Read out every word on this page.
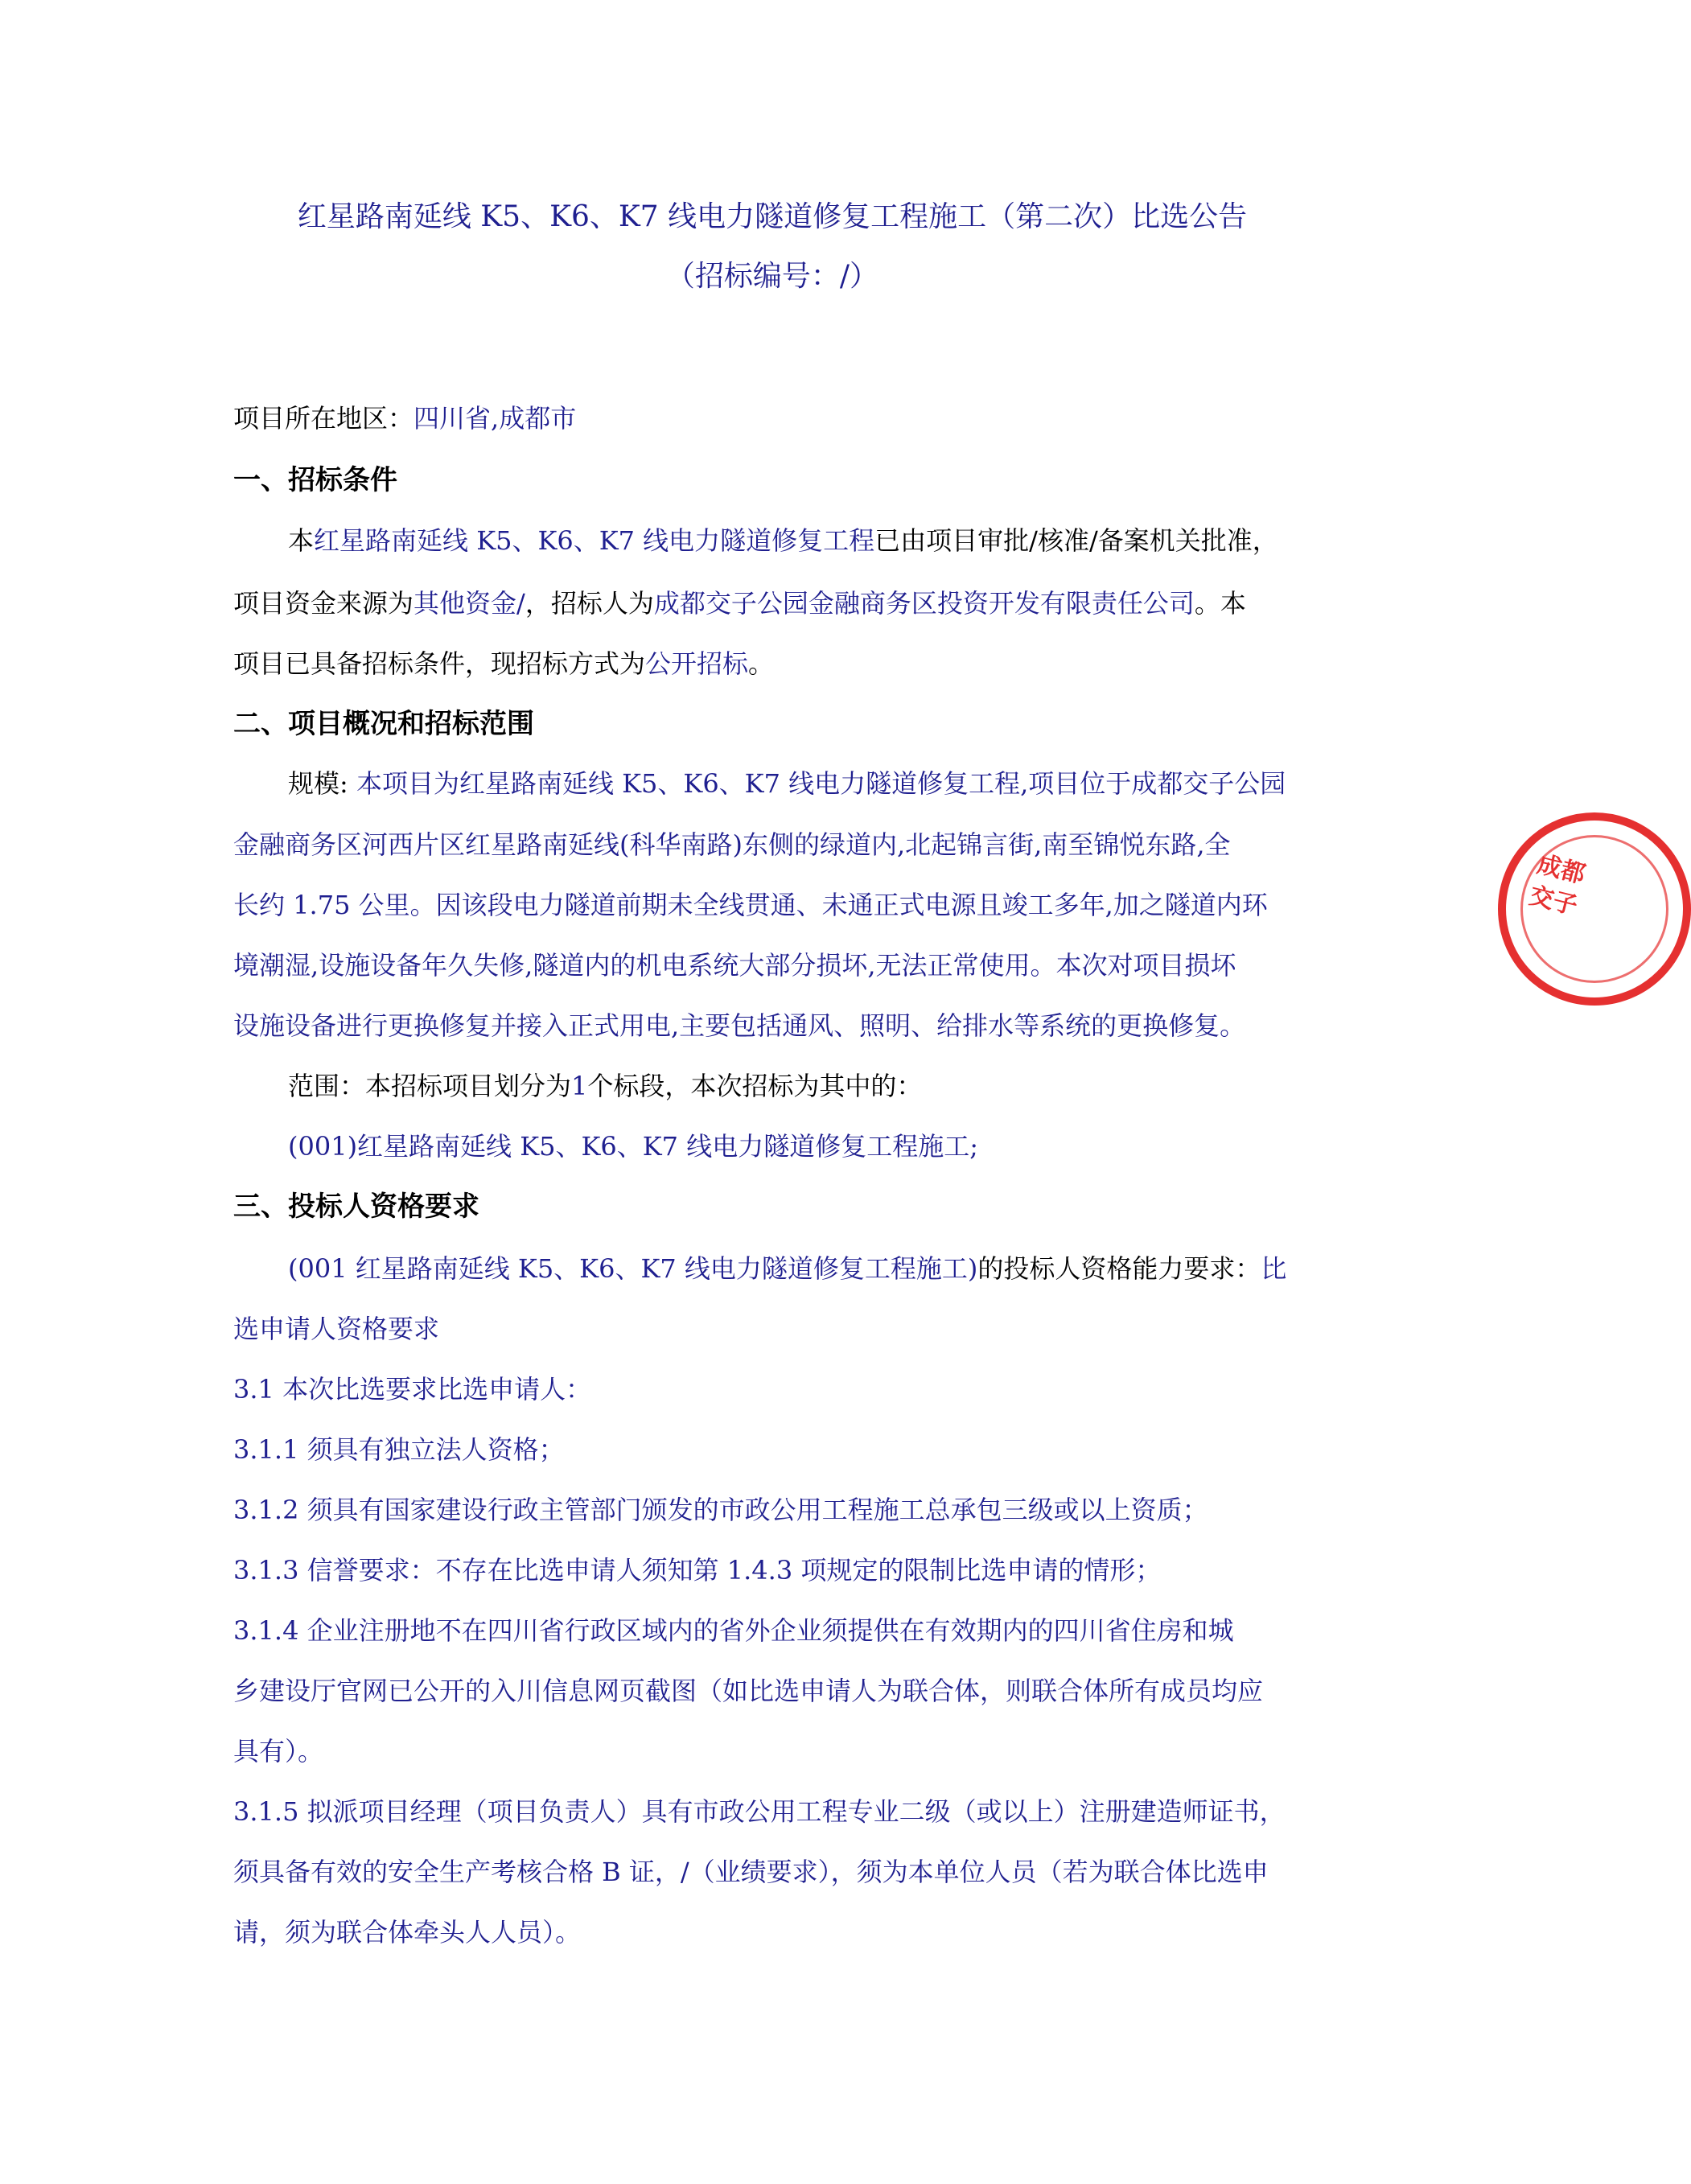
红星路南延线 K5、K6、K7 线电力隧道修复工程施工（第二次）比选公告
（招标编号：/）
项目所在地区：四川省,成都市
一、招标条件
本红星路南延线 K5、K6、K7 线电力隧道修复工程已由项目审批/核准/备案机关批准，
项目资金来源为其他资金/，招标人为成都交子公园金融商务区投资开发有限责任公司。本
项目已具备招标条件，现招标方式为公开招标。
二、项目概况和招标范围
规模: 本项目为红星路南延线 K5、K6、K7 线电力隧道修复工程,项目位于成都交子公园
金融商务区河西片区红星路南延线(科华南路)东侧的绿道内,北起锦言街,南至锦悦东路,全
长约 1.75 公里。因该段电力隧道前期未全线贯通、未通正式电源且竣工多年,加之隧道内环
境潮湿,设施设备年久失修,隧道内的机电系统大部分损坏,无法正常使用。本次对项目损坏
设施设备进行更换修复并接入正式用电,主要包括通风、照明、给排水等系统的更换修复。
范围：本招标项目划分为1个标段，本次招标为其中的：
(001)红星路南延线 K5、K6、K7 线电力隧道修复工程施工;
三、投标人资格要求
(001 红星路南延线 K5、K6、K7 线电力隧道修复工程施工)的投标人资格能力要求：比
选申请人资格要求
3.1 本次比选要求比选申请人：
3.1.1 须具有独立法人资格；
3.1.2 须具有国家建设行政主管部门颁发的市政公用工程施工总承包三级或以上资质；
3.1.3 信誉要求：不存在比选申请人须知第 1.4.3 项规定的限制比选申请的情形；
3.1.4 企业注册地不在四川省行政区域内的省外企业须提供在有效期内的四川省住房和城
乡建设厅官网已公开的入川信息网页截图（如比选申请人为联合体，则联合体所有成员均应
具有）。
3.1.5 拟派项目经理（项目负责人）具有市政公用工程专业二级（或以上）注册建造师证书，
须具备有效的安全生产考核合格 B 证，/（业绩要求），须为本单位人员（若为联合体比选申
请，须为联合体牵头人人员）。
成都交子
